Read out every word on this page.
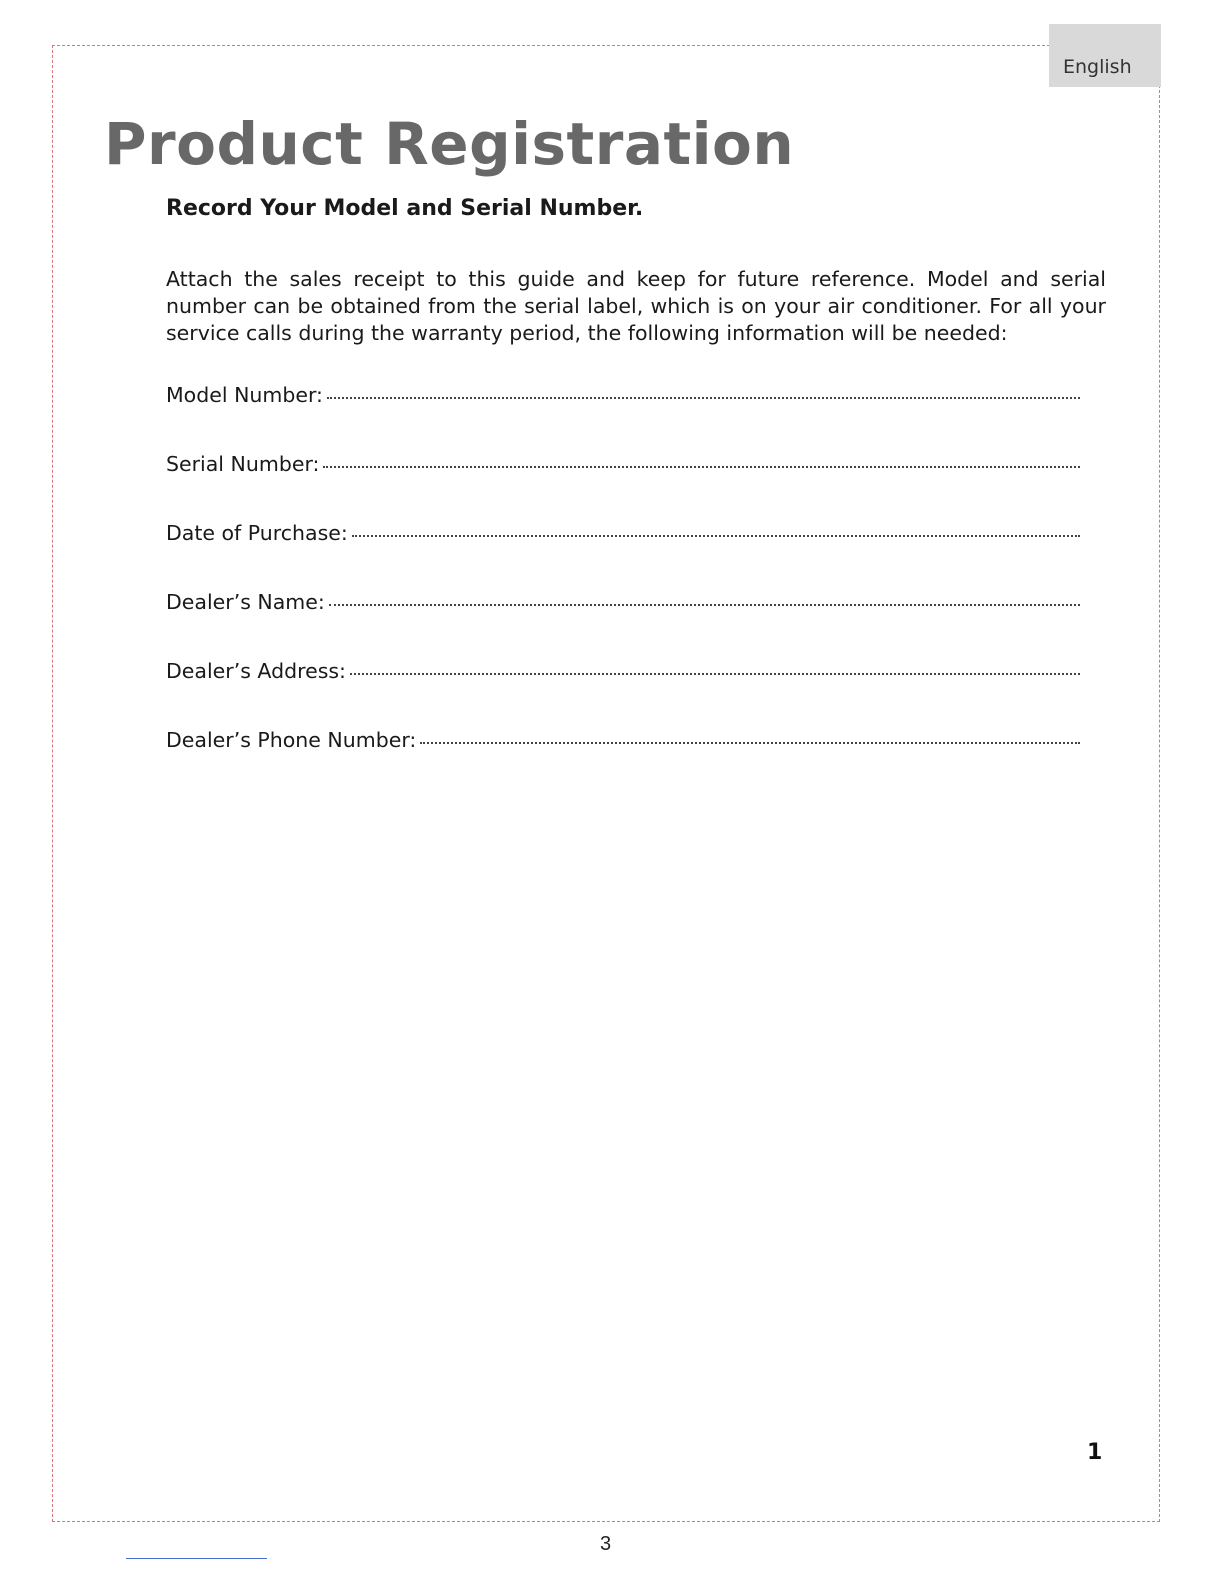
English
Product Registration
Record Your Model and Serial Number.

Attach the sales receipt to this guide and keep for future reference. Model and serial number can be obtained from the serial label, which is on your air conditioner. For all your service calls during the warranty period, the following information will be needed:

Model Number:
Serial Number:
Date of Purchase:
Dealer’s Name:
Dealer’s Address:
Dealer’s Phone Number:
1
3
